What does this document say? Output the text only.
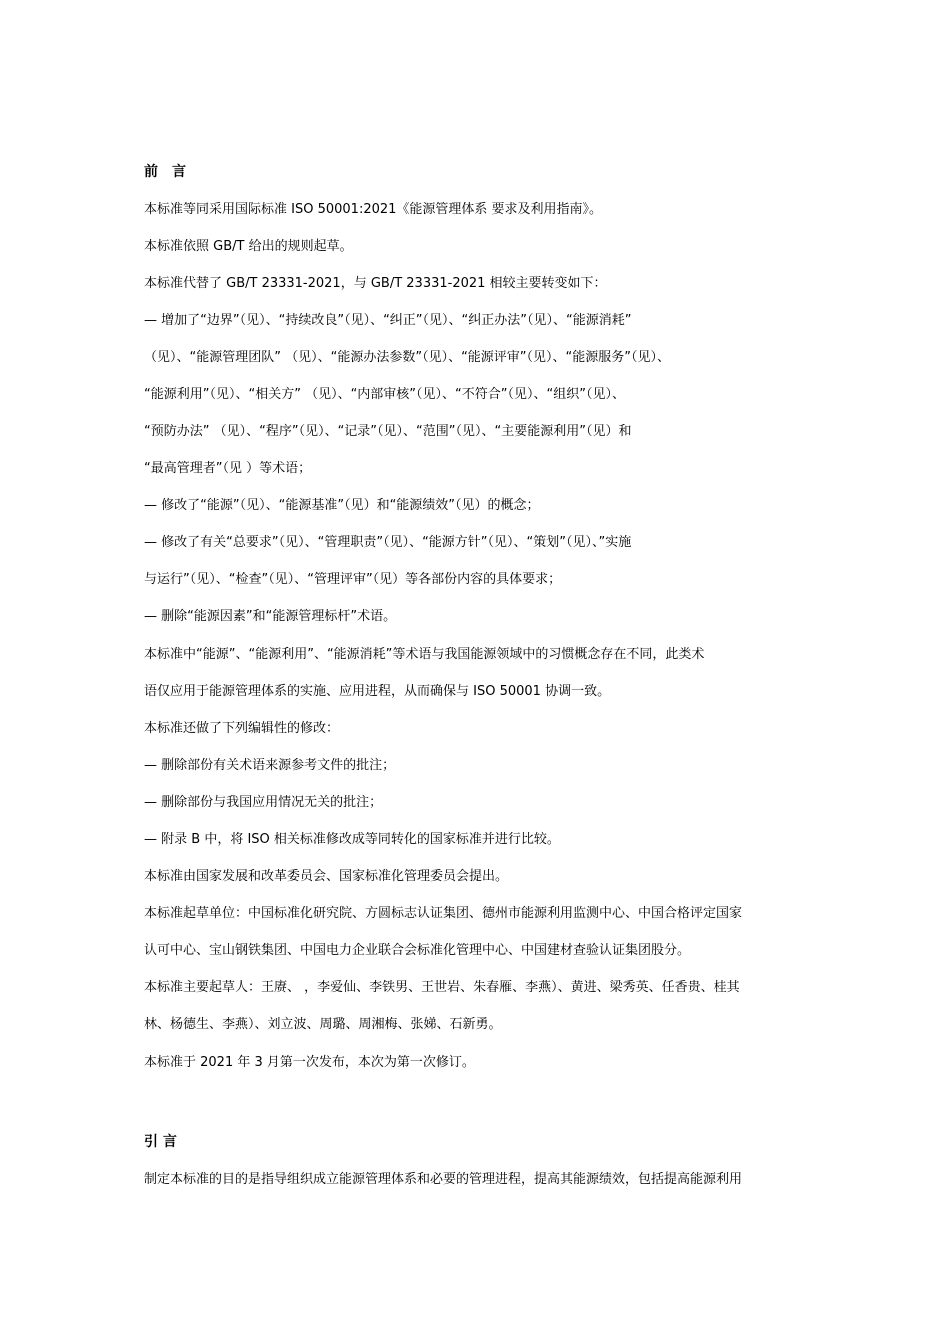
前　言
本标准等同采用国际标准 ISO 50001:2021《能源管理体系 要求及利用指南》。
本标准依照 GB/T 给出的规则起草。
本标准代替了 GB/T 23331-2021，与 GB/T 23331-2021 相较主要转变如下：
— 增加了“边界”（见）、“持续改良”（见）、“纠正”（见）、“纠正办法”（见）、“能源消耗”
（见）、“能源管理团队” （见）、“能源办法参数”（见）、“能源评审”（见）、“能源服务”（见）、
“能源利用”（见）、“相关方” （见）、“内部审核”（见）、“不符合”（见）、“组织”（见）、
“预防办法” （见）、“程序”（见）、“记录”（见）、“范围”（见）、“主要能源利用”（见）和
“最高管理者”（见 ）等术语；
— 修改了“能源”（见）、“能源基准”（见）和“能源绩效”（见）的概念；
— 修改了有关“总要求”（见）、“管理职责”（见）、“能源方针”（见）、“策划”（见）、”实施
与运行”（见）、“检查”（见）、“管理评审”（见）等各部份内容的具体要求；
— 删除“能源因素”和“能源管理标杆”术语。
本标准中“能源”、“能源利用”、“能源消耗”等术语与我国能源领域中的习惯概念存在不同，此类术
语仅应用于能源管理体系的实施、应用进程，从而确保与 ISO 50001 协调一致。
本标准还做了下列编辑性的修改：
— 删除部份有关术语来源参考文件的批注；
— 删除部份与我国应用情况无关的批注；
— 附录 B 中，将 ISO 相关标准修改成等同转化的国家标准并进行比较。
本标准由国家发展和改革委员会、国家标准化管理委员会提出。
本标准起草单位：中国标准化研究院、方圆标志认证集团、德州市能源利用监测中心、中国合格评定国家
认可中心、宝山钢铁集团、中国电力企业联合会标准化管理中心、中国建材查验认证集团股分。
本标准主要起草人：王赓、 ，李爱仙、李铁男、王世岩、朱春雁、李燕）、黄进、梁秀英、任香贵、桂其
林、杨德生、李燕）、刘立波、周璐、周湘梅、张娣、石新勇。
本标准于 2021 年 3 月第一次发布，本次为第一次修订。
引 言
制定本标准的目的是指导组织成立能源管理体系和必要的管理进程，提高其能源绩效，包括提高能源利用
